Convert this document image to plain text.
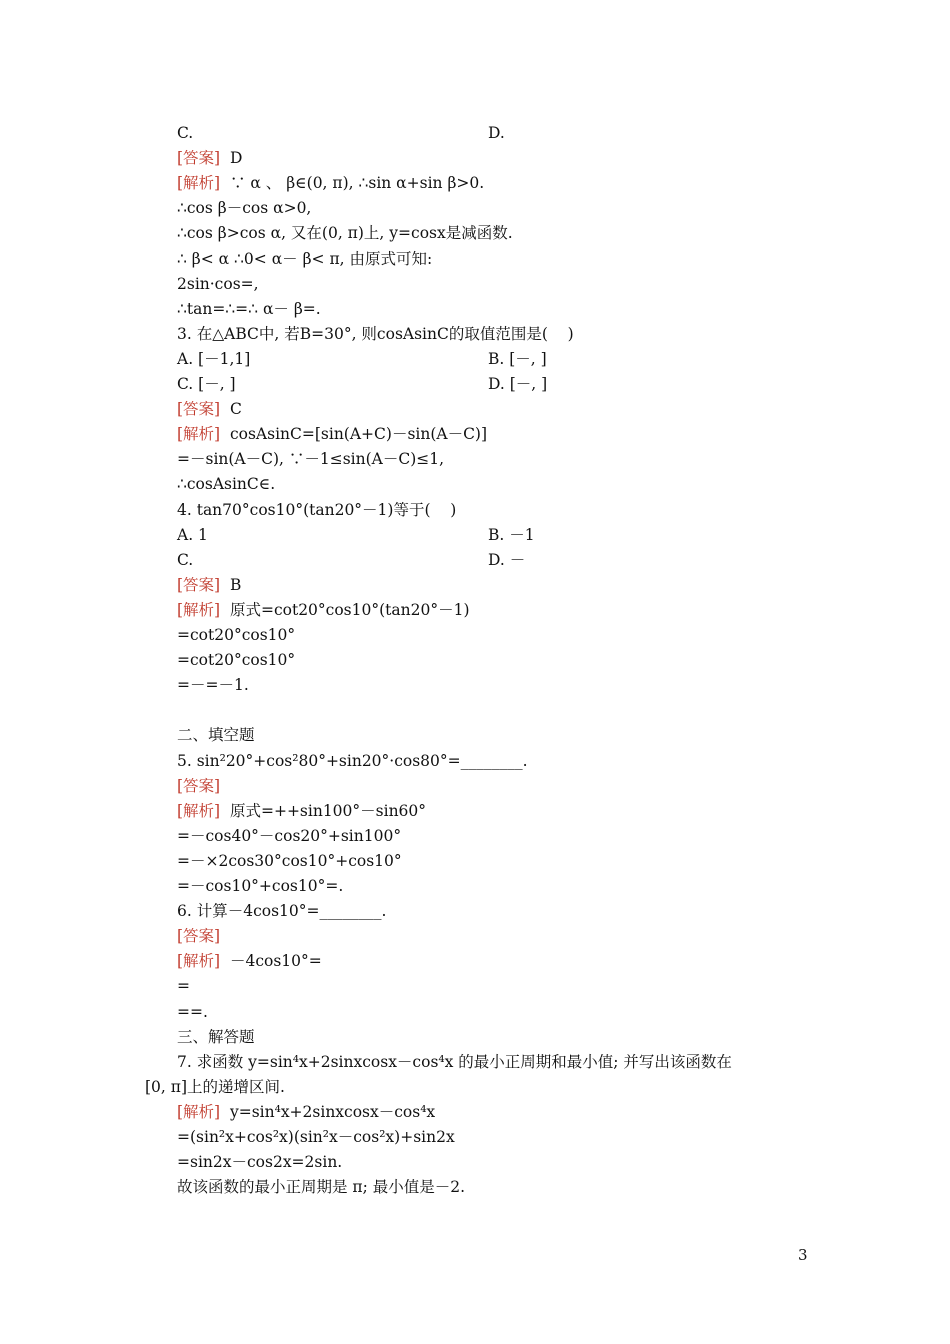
C.	D.
[答案]  D
[解析]  ∵ α 、 β∈(0, π), ∴sin α+sin β>0.
∴cos β－cos α>0,
∴cos β>cos α, 又在(0, π)上, y=cosx是减函数.
∴ β< α ∴0< α－ β< π, 由原式可知:
2sin·cos=,
∴tan=∴=∴ α－ β=.
3. 在△ABC中, 若B=30°, 则cosAsinC的取值范围是(    )
A. [－1,1]	B. [－, ]
C. [－, ]	D. [－, ]
[答案]  C
[解析]  cosAsinC=[sin(A+C)－sin(A－C)]
=－sin(A－C), ∵－1≤sin(A－C)≤1,
∴cosAsinC∈.
4. tan70°cos10°(tan20°－1)等于(    )
A. 1	B. －1
C.	D. －
[答案]  B
[解析]  原式=cot20°cos10°(tan20°－1)
=cot20°cos10°
=cot20°cos10°
=－=－1.
二、填空题
5. sin²20°+cos²80°+sin20°·cos80°=________.
[答案]
[解析]  原式=++sin100°－sin60°
=－cos40°－cos20°+sin100°
=－×2cos30°cos10°+cos10°
=－cos10°+cos10°=.
6. 计算－4cos10°=________.
[答案]
[解析]  －4cos10°=
=
==.
三、解答题
7. 求函数 y=sin⁴x+2sinxcosx－cos⁴x 的最小正周期和最小值; 并写出该函数在
[0, π]上的递增区间.
[解析]  y=sin⁴x+2sinxcosx－cos⁴x
=(sin²x+cos²x)(sin²x－cos²x)+sin2x
=sin2x－cos2x=2sin.
故该函数的最小正周期是 π; 最小值是－2.
3
